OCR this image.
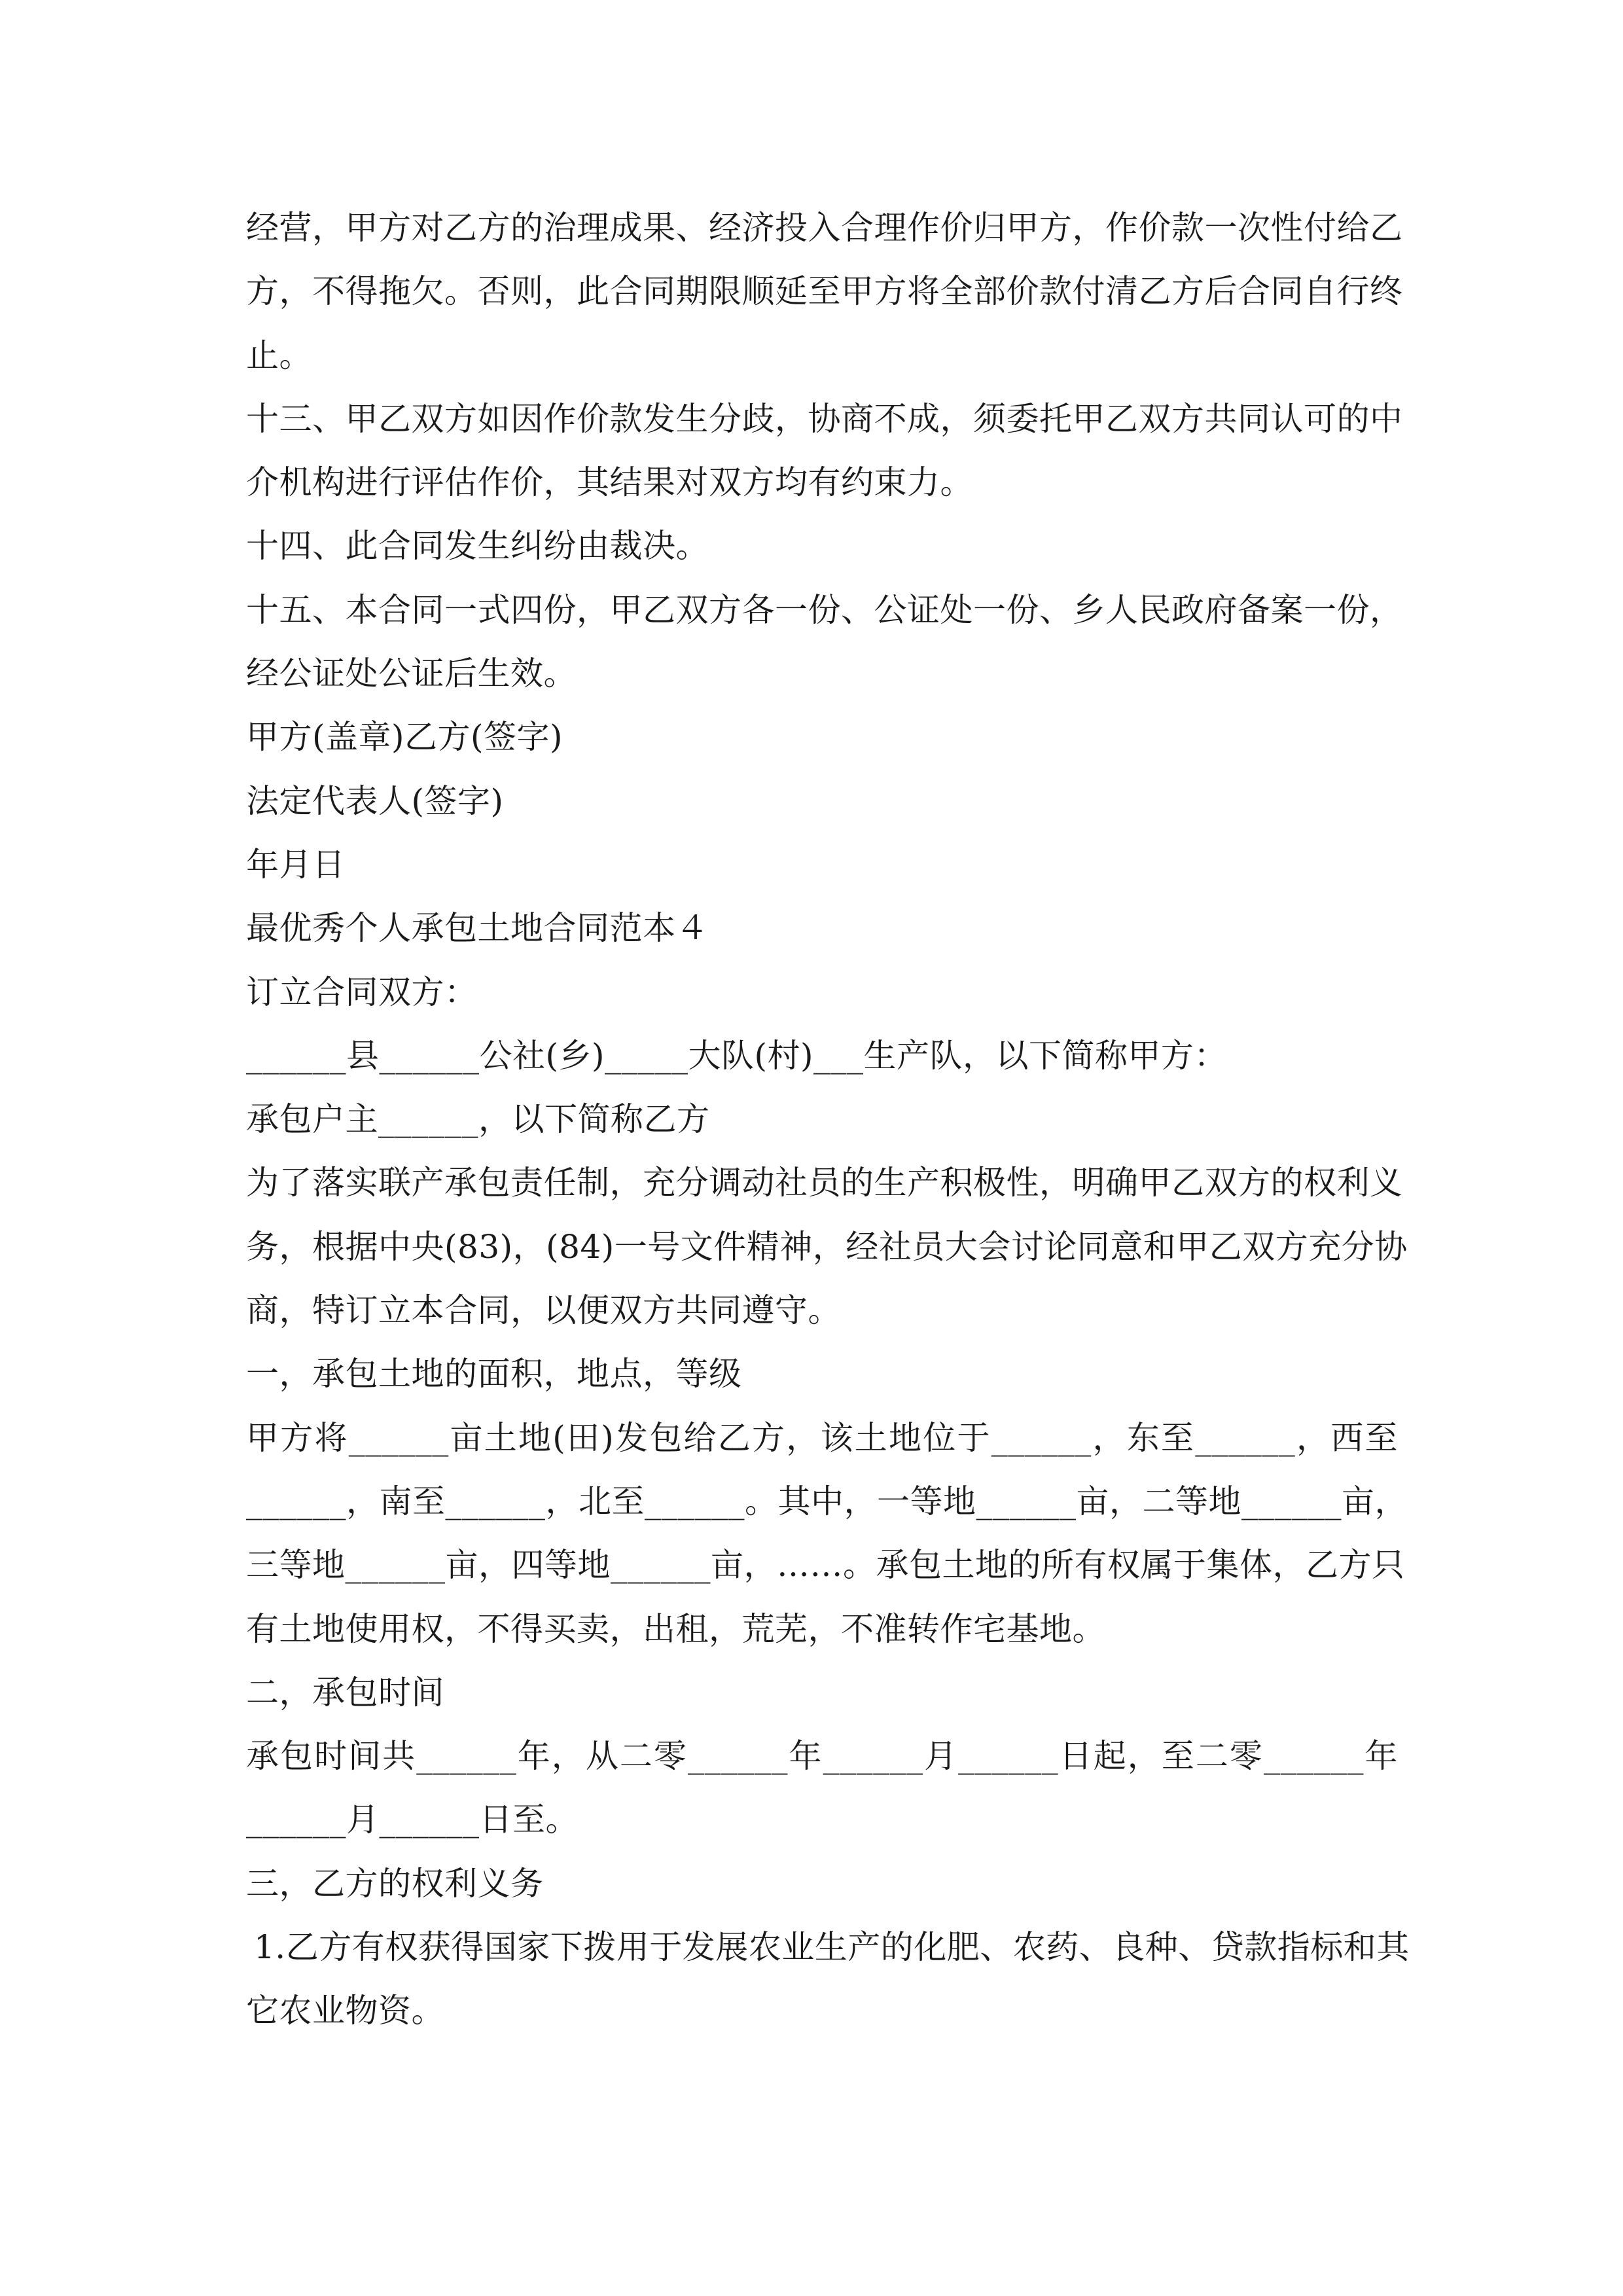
经营，甲方对乙方的治理成果、经济投入合理作价归甲方，作价款一次性付给乙
方，不得拖欠。否则，此合同期限顺延至甲方将全部价款付清乙方后合同自行终
止。
十三、甲乙双方如因作价款发生分歧，协商不成，须委托甲乙双方共同认可的中
介机构进行评估作价，其结果对双方均有约束力。
十四、此合同发生纠纷由裁决。
十五、本合同一式四份，甲乙双方各一份、公证处一份、乡人民政府备案一份，
经公证处公证后生效。
甲方(盖章)乙方(签字)
法定代表人(签字)
年月日
最优秀个人承包土地合同范本４
订立合同双方：
______县______公社(乡)_____大队(村)___生产队，以下简称甲方：
承包户主______，以下简称乙方
为了落实联产承包责任制，充分调动社员的生产积极性，明确甲乙双方的权利义
务，根据中央(83)，(84)一号文件精神，经社员大会讨论同意和甲乙双方充分协
商，特订立本合同，以便双方共同遵守。
一，承包土地的面积，地点，等级
甲方将______亩土地(田)发包给乙方，该土地位于______，东至______，西至
______，南至______，北至______。其中，一等地______亩，二等地______亩，
三等地______亩，四等地______亩，……。承包土地的所有权属于集体，乙方只
有土地使用权，不得买卖，出租，荒芜，不准转作宅基地。
二，承包时间
承包时间共______年，从二零______年______月______日起，至二零______年
______月______日至。
三，乙方的权利义务
1.乙方有权获得国家下拨用于发展农业生产的化肥、农药、良种、贷款指标和其
它农业物资。
